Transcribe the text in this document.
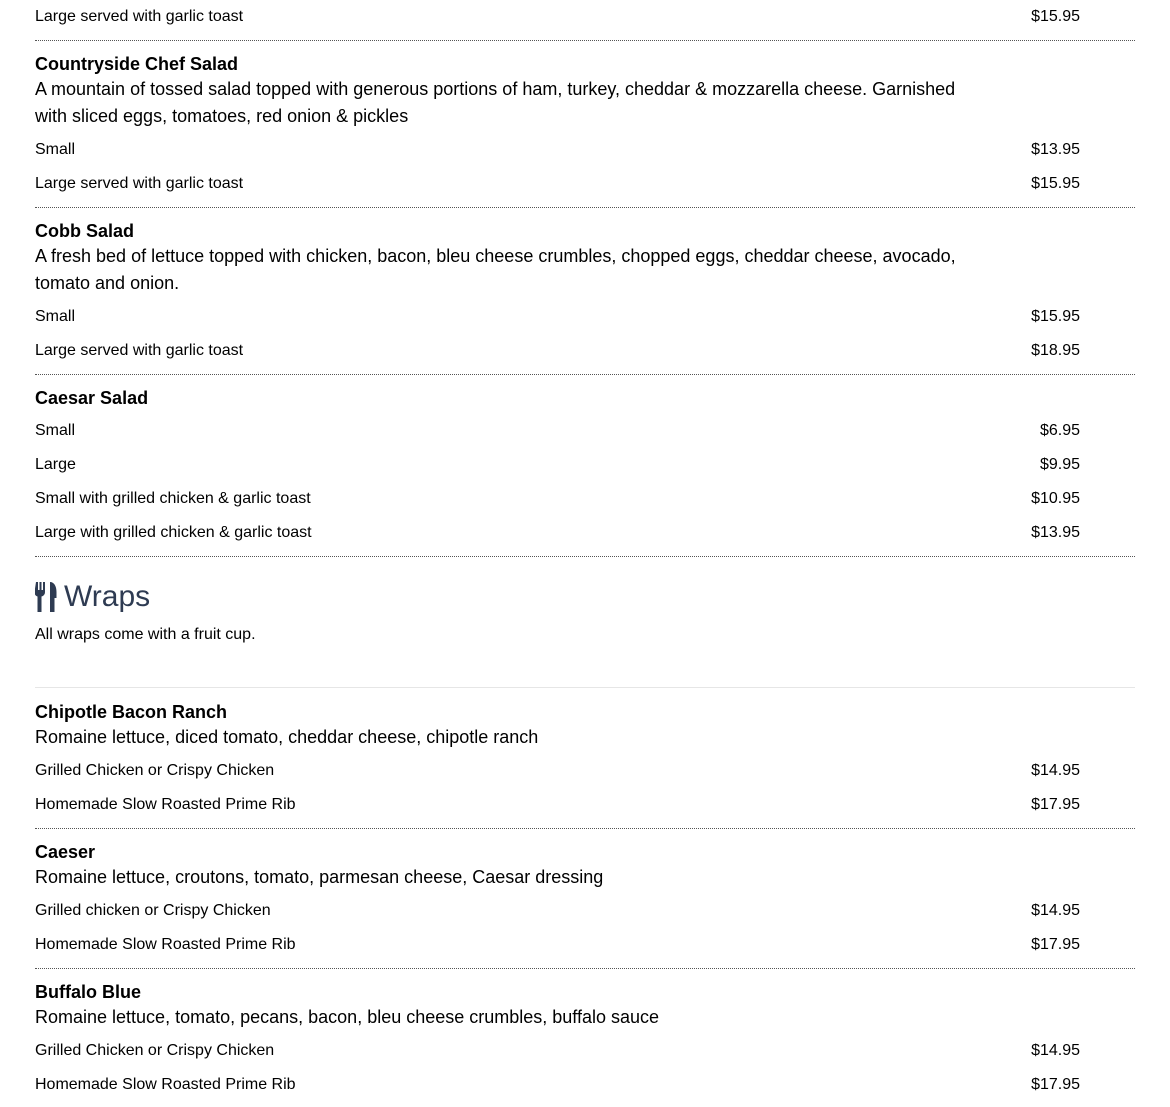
Large served with garlic toast	$15.95
Countryside Chef Salad
A mountain of tossed salad topped with generous portions of ham, turkey, cheddar & mozzarella cheese. Garnished with sliced eggs, tomatoes, red onion & pickles
Small	$13.95
Large served with garlic toast	$15.95
Cobb Salad
A fresh bed of lettuce topped with chicken, bacon, bleu cheese crumbles, chopped eggs, cheddar cheese, avocado, tomato and onion.
Small	$15.95
Large served with garlic toast	$18.95
Caesar Salad
Small	$6.95
Large	$9.95
Small with grilled chicken & garlic toast	$10.95
Large with grilled chicken & garlic toast	$13.95
Wraps
All wraps come with a fruit cup.
Chipotle Bacon Ranch
Romaine lettuce, diced tomato, cheddar cheese, chipotle ranch
Grilled Chicken or Crispy Chicken	$14.95
Homemade Slow Roasted Prime Rib	$17.95
Caeser
Romaine lettuce, croutons, tomato, parmesan cheese, Caesar dressing
Grilled chicken or Crispy Chicken	$14.95
Homemade Slow Roasted Prime Rib	$17.95
Buffalo Blue
Romaine lettuce, tomato, pecans, bacon, bleu cheese crumbles, buffalo sauce
Grilled Chicken or Crispy Chicken	$14.95
Homemade Slow Roasted Prime Rib	$17.95
